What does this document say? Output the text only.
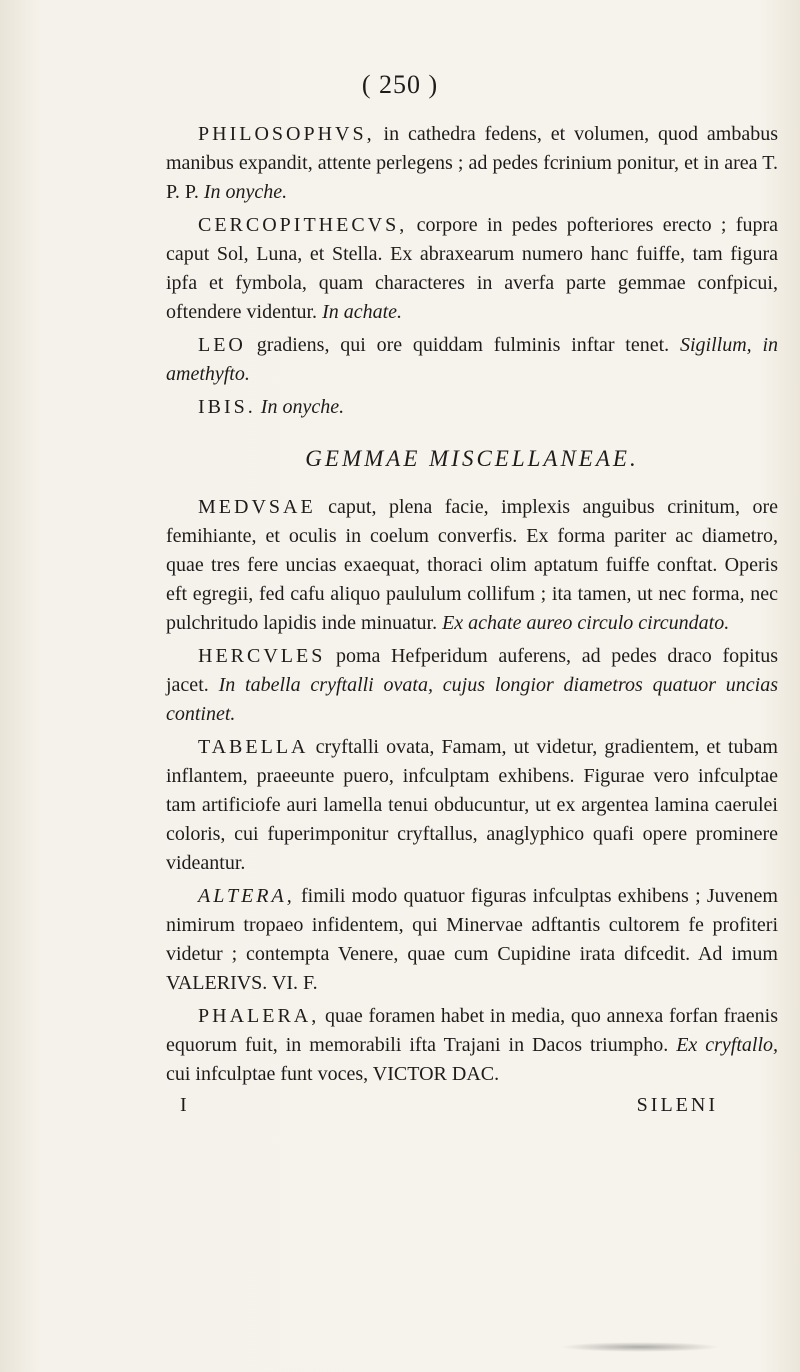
( 250 )

PHILOSOPHVS, in cathedra fedens, et volumen, quod ambabus manibus expandit, attente perlegens ; ad pedes fcrinium ponitur, et in area T. P. P. In onyche.

CERCOPITHECVS, corpore in pedes pofteriores erecto ; fupra caput Sol, Luna, et Stella. Ex abraxearum numero hanc fuiffe, tam figura ipfa et fymbola, quam characteres in averfa parte gemmae confpicui, oftendere videntur. In achate.

LEO gradiens, qui ore quiddam fulminis inftar tenet. Sigillum, in amethyfto.

IBIS. In onyche.

GEMMAE MISCELLANEAE.

MEDVSAE caput, plena facie, implexis anguibus crinitum, ore femihiante, et oculis in coelum converfis. Ex forma pariter ac diametro, quae tres fere uncias exaequat, thoraci olim aptatum fuiffe conftat. Operis eft egregii, fed cafu aliquo paululum collifum ; ita tamen, ut nec forma, nec pulchritudo lapidis inde minuatur. Ex achate aureo circulo circundato.

HERCVLES poma Hefperidum auferens, ad pedes draco fopitus jacet. In tabella cryftalli ovata, cujus longior diametros quatuor uncias continet.

TABELLA cryftalli ovata, Famam, ut videtur, gradientem, et tubam inflantem, praeeunte puero, infculptam exhibens. Figurae vero infculptae tam artificiofe auri lamella tenui obducuntur, ut ex argentea lamina caerulei coloris, cui fuperimponitur cryftallus, anaglyphico quafi opere prominere videantur.

ALTERA, fimili modo quatuor figuras infculptas exhibens ; Juvenem nimirum tropaeo infidentem, qui Minervae adftantis cultorem fe profiteri videtur ; contempta Venere, quae cum Cupidine irata difcedit. Ad imum VALERIVS. VI. F.

PHALERA, quae foramen habet in media, quo annexa forfan fraenis equorum fuit, in memorabili ifta Trajani in Dacos triumpho. Ex cryftallo, cui infculptae funt voces, VICTOR DAC.

I	SILENI
